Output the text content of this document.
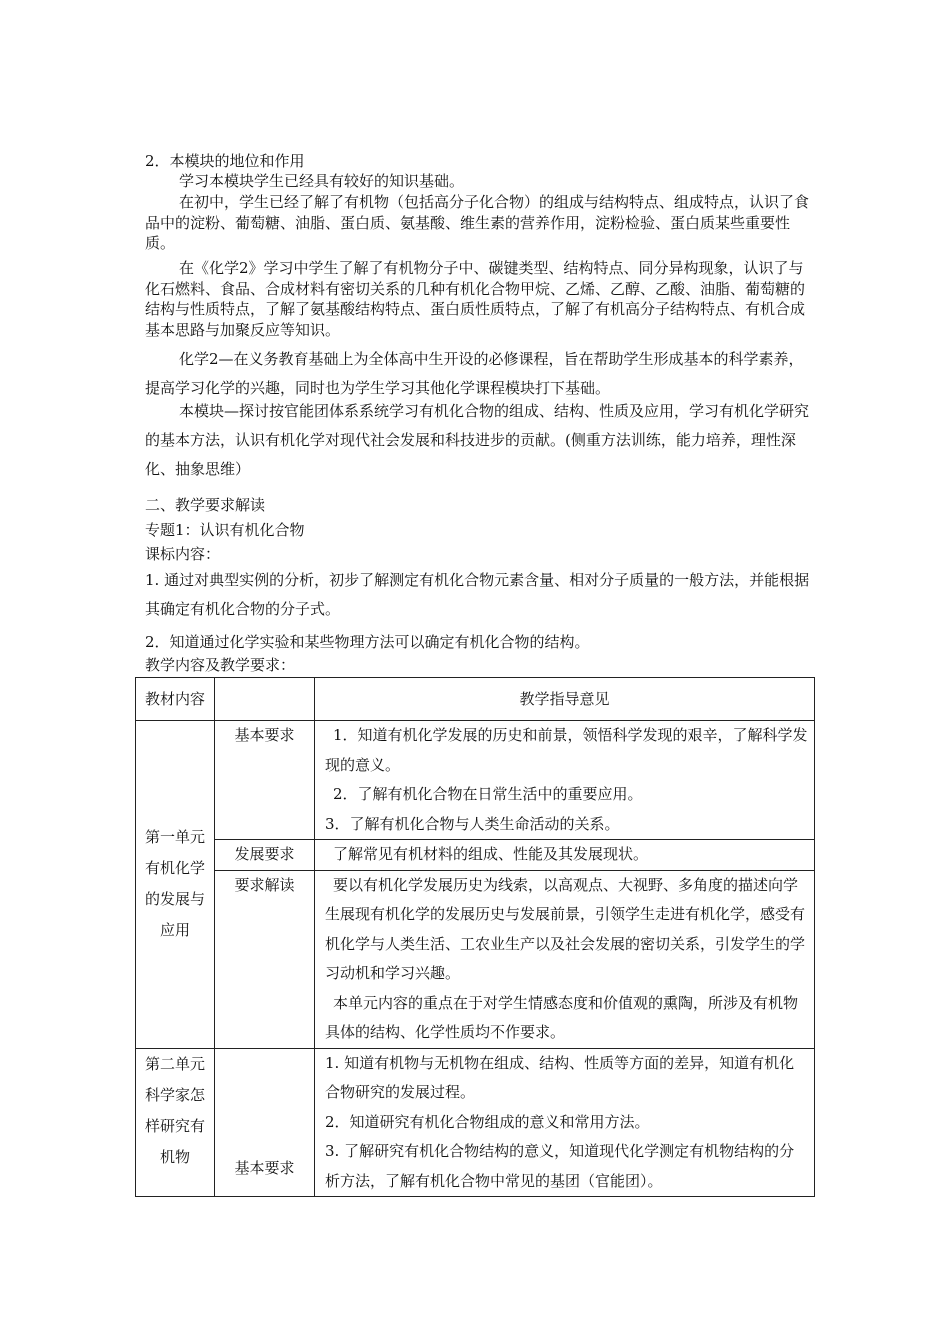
2．本模块的地位和作用

学习本模块学生已经具有较好的知识基础。

在初中，学生已经了解了有机物（包括高分子化合物）的组成与结构特点、组成特点，认识了食品中的淀粉、葡萄糖、油脂、蛋白质、氨基酸、维生素的营养作用，淀粉检验、蛋白质某些重要性质。

在《化学2》学习中学生了解了有机物分子中、碳键类型、结构特点、同分异构现象，认识了与化石燃料、食品、合成材料有密切关系的几种有机化合物甲烷、乙烯、乙醇、乙酸、油脂、葡萄糖的结构与性质特点，了解了氨基酸结构特点、蛋白质性质特点，了解了有机高分子结构特点、有机合成基本思路与加聚反应等知识。

化学2—在义务教育基础上为全体高中生开设的必修课程，旨在帮助学生形成基本的科学素养，提高学习化学的兴趣，同时也为学生学习其他化学课程模块打下基础。

本模块—探讨按官能团体系系统学习有机化合物的组成、结构、性质及应用，学习有机化学研究的基本方法，认识有机化学对现代社会发展和科技进步的贡献。(侧重方法训练，能力培养，理性深化、抽象思维）

二、教学要求解读

专题1：认识有机化合物

课标内容：

1. 通过对典型实例的分析，初步了解测定有机化合物元素含量、相对分子质量的一般方法，并能根据其确定有机化合物的分子式。

2．知道通过化学实验和某些物理方法可以确定有机化合物的结构。

教学内容及教学要求：

教材内容		教学指导意见
第一单元 有机化学的发展与应用	基本要求	1．知道有机化学发展的历史和前景，领悟科学发现的艰辛，了解科学发现的意义。

2．了解有机化合物在日常生活中的重要应用。

3．了解有机化合物与人类生命活动的关系。

	发展要求	了解常见有机材料的组成、性能及其发展现状。

	要求解读	要以有机化学发展历史为线索，以高观点、大视野、多角度的描述向学生展现有机化学的发展历史与发展前景，引领学生走进有机化学，感受有机化学与人类生活、工农业生产以及社会发展的密切关系，引发学生的学习动机和学习兴趣。

本单元内容的重点在于对学生情感态度和价值观的熏陶，所涉及有机物具体的结构、化学性质均不作要求。

第二单元 科学家怎样研究有机物	基本要求	1. 知道有机物与无机物在组成、结构、性质等方面的差异，知道有机化合物研究的发展过程。

2．知道研究有机化合物组成的意义和常用方法。

3. 了解研究有机化合物结构的意义，知道现代化学测定有机物结构的分析方法，了解有机化合物中常见的基团（官能团）。
